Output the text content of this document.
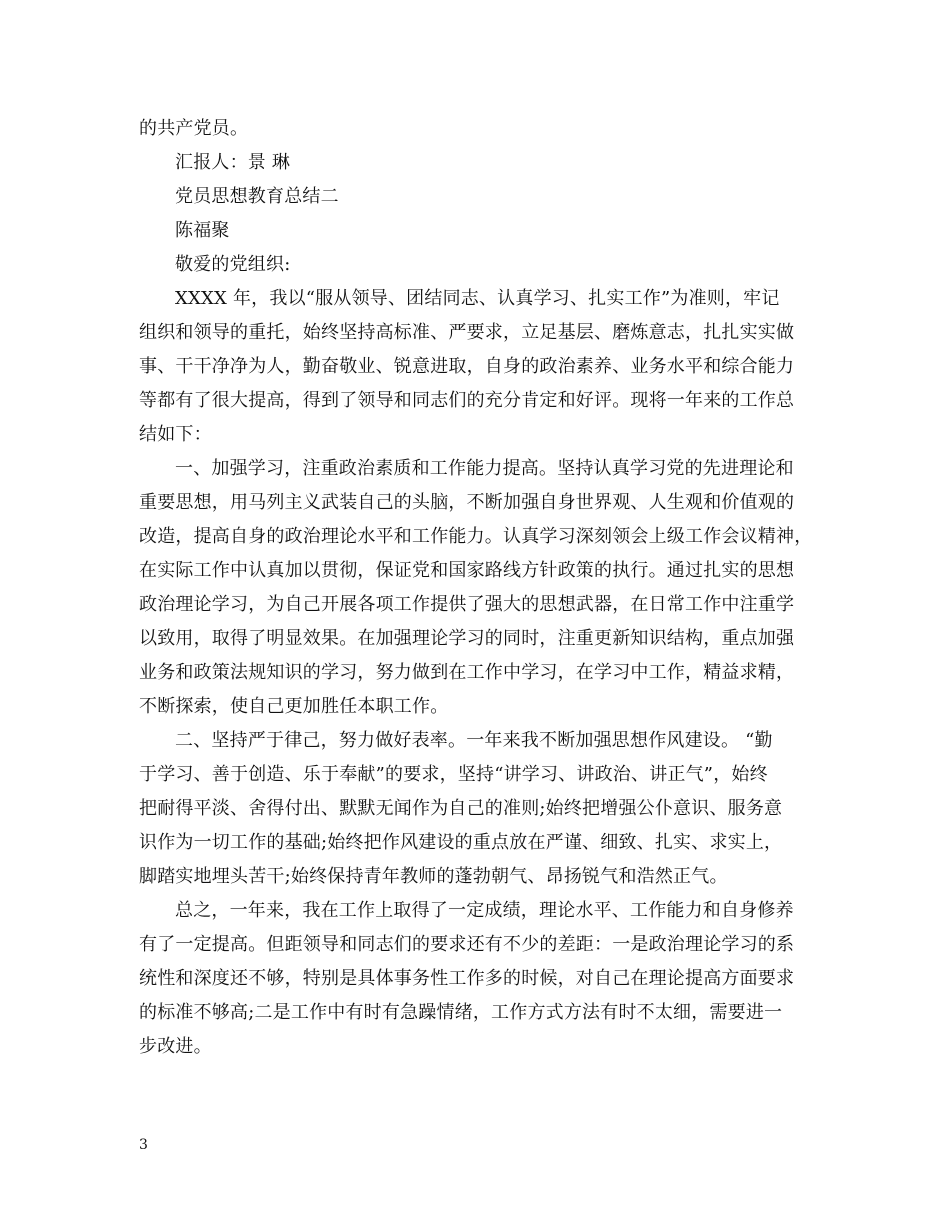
的共产党员。
汇报人：景 琳
党员思想教育总结二
陈福聚
敬爱的党组织:
XXXX 年，我以“服从领导、团结同志、认真学习、扎实工作”为准则，牢记
组织和领导的重托，始终坚持高标准、严要求，立足基层、磨炼意志，扎扎实实做
事、干干净净为人，勤奋敬业、锐意进取，自身的政治素养、业务水平和综合能力
等都有了很大提高，得到了领导和同志们的充分肯定和好评。现将一年来的工作总
结如下：
一、加强学习，注重政治素质和工作能力提高。坚持认真学习党的先进理论和
重要思想，用马列主义武装自己的头脑，不断加强自身世界观、人生观和价值观的
改造，提高自身的政治理论水平和工作能力。认真学习深刻领会上级工作会议精神，
在实际工作中认真加以贯彻，保证党和国家路线方针政策的执行。通过扎实的思想
政治理论学习，为自己开展各项工作提供了强大的思想武器，在日常工作中注重学
以致用，取得了明显效果。在加强理论学习的同时，注重更新知识结构，重点加强
业务和政策法规知识的学习，努力做到在工作中学习，在学习中工作，精益求精，
不断探索，使自己更加胜任本职工作。
二、坚持严于律己，努力做好表率。一年来我不断加强思想作风建设。 “勤
于学习、善于创造、乐于奉献”的要求，坚持“讲学习、讲政治、讲正气”，始终
把耐得平淡、舍得付出、默默无闻作为自己的准则;始终把增强公仆意识、服务意
识作为一切工作的基础;始终把作风建设的重点放在严谨、细致、扎实、求实上，
脚踏实地埋头苦干;始终保持青年教师的蓬勃朝气、昂扬锐气和浩然正气。
总之，一年来，我在工作上取得了一定成绩，理论水平、工作能力和自身修养
有了一定提高。但距领导和同志们的要求还有不少的差距：一是政治理论学习的系
统性和深度还不够，特别是具体事务性工作多的时候，对自己在理论提高方面要求
的标准不够高;二是工作中有时有急躁情绪，工作方式方法有时不太细，需要进一
步改进。
3
